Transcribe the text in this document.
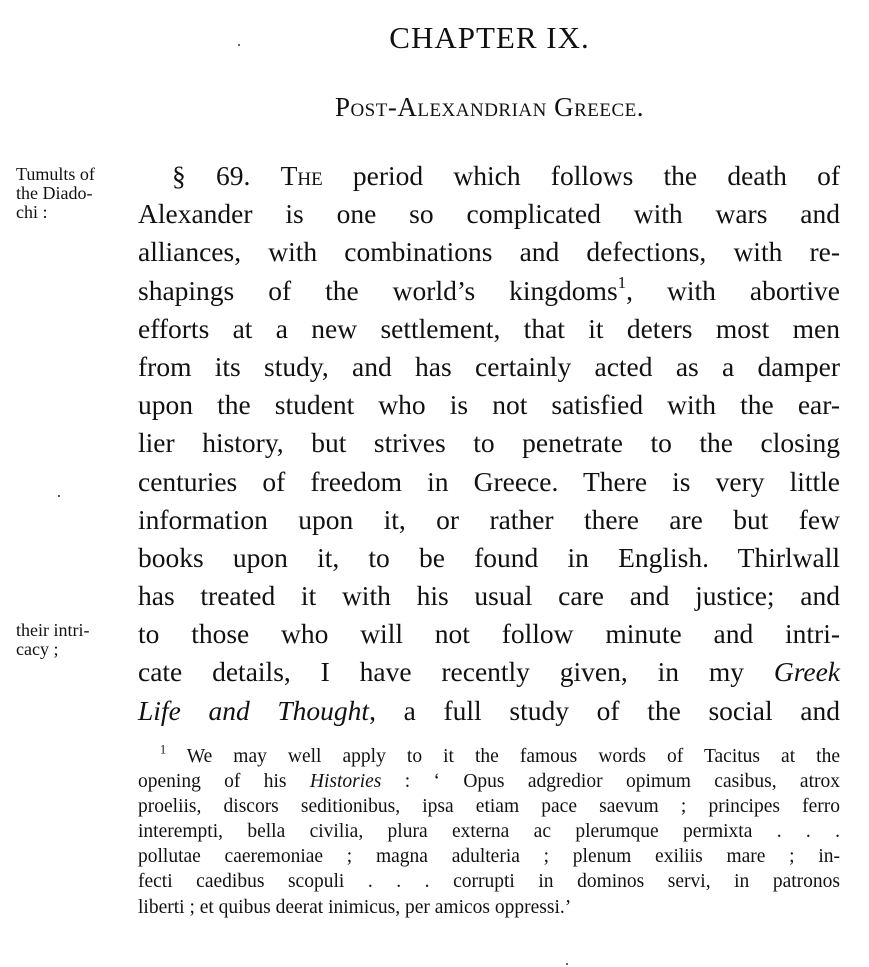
CHAPTER IX.
Post-Alexandrian Greece.
Tumults of
the Diado-
chi :
their intri-
cacy ;
§ 69. The period which follows the death of
Alexander is one so complicated with wars and
alliances, with combinations and defections, with re-
shapings of the world’s kingdoms$^1$, with abortive
efforts at a new settlement, that it deters most men
from its study, and has certainly acted as a damper
upon the student who is not satisfied with the ear-
lier history, but strives to penetrate to the closing
centuries of freedom in Greece. There is very little
information upon it, or rather there are but few
books upon it, to be found in English. Thirlwall
has treated it with his usual care and justice; and
to those who will not follow minute and intri-
cate details, I have recently given, in my Greek
Life and Thought, a full study of the social and
$^1$ We may well apply to it the famous words of Tacitus at the
opening of his Histories : ‘ Opus adgredior opimum casibus, atrox
proeliis, discors seditionibus, ipsa etiam pace saevum ; principes ferro
interempti, bella civilia, plura externa ac plerumque permixta . . .
pollutae caeremoniae ; magna adulteria ; plenum exiliis mare ; in-
fecti caedibus scopuli . . . corrupti in dominos servi, in patronos
liberti ; et quibus deerat inimicus, per amicos oppressi.’
